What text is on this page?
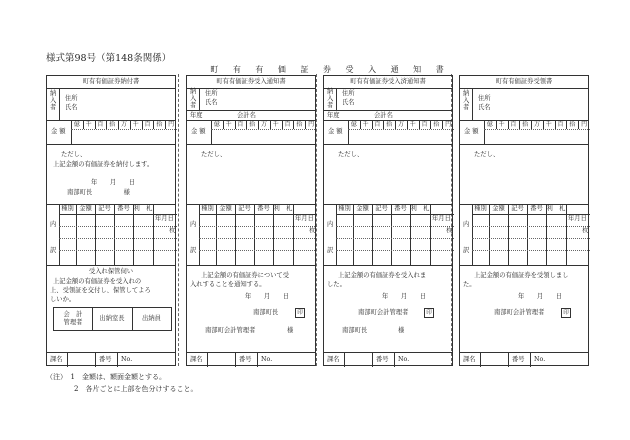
様式第98号（第148条関係）
町 有 有 価 証 券 受 入 通 知 書
町有有価証券納付書
納入者
住所
氏名
金 額
億 千 百 拾 万 千 百 拾 円
ただし、
上記金額の有価証券を納付します。
年　　月　　日
南部町長　　　　　様
種別 金額	記号	番号 利　札
年月日
枚
内
訳
受入れ保管伺い
上記金額の有価証券を受入れの
上、受領証を交付し、保管してよろ
しいか。
会　計
管理者
出納室長	出納員
課名	番号 No.
町有有価証券受入通知書
納入者
住所
氏名
年度	会計名
金 額
億 千 百 拾 万 千 百 拾 円
ただし、
種別 金額	記号	番号 利　札
年月日
枚
内
訳
上記金額の有価証券について受
入れすることを通知する。
年　　月　　日
南部町長	印
南部町会計管理者	様
課名	番号 No.
町有有価証券受入済通知書
納入者
住所
氏名
年度	会計名
金 額
億 千 百 拾 万 千 百 拾 円
ただし、
種別 金額	記号	番号 利　札
年月日
枚
内
訳
上記金額の有価証券を受入れま
した。
年　　月　　日
南部町会計管理者	印
南部町長	様
課名	番号 No.
町有有価証券受領書
納入者
住所
氏名
金 額
億 千 百 拾 万 千 百 拾 円
ただし、
種別 金額	記号	番号 利　札
年月日
枚
内
訳
上記金額の有価証券を受領しまし
た。
年　　月　　日
南部町会計管理者	印
課名	番号 No.
（注）　1　金額は、額面金額とする。
　　　　2　各片ごとに上部を色分けすること。
